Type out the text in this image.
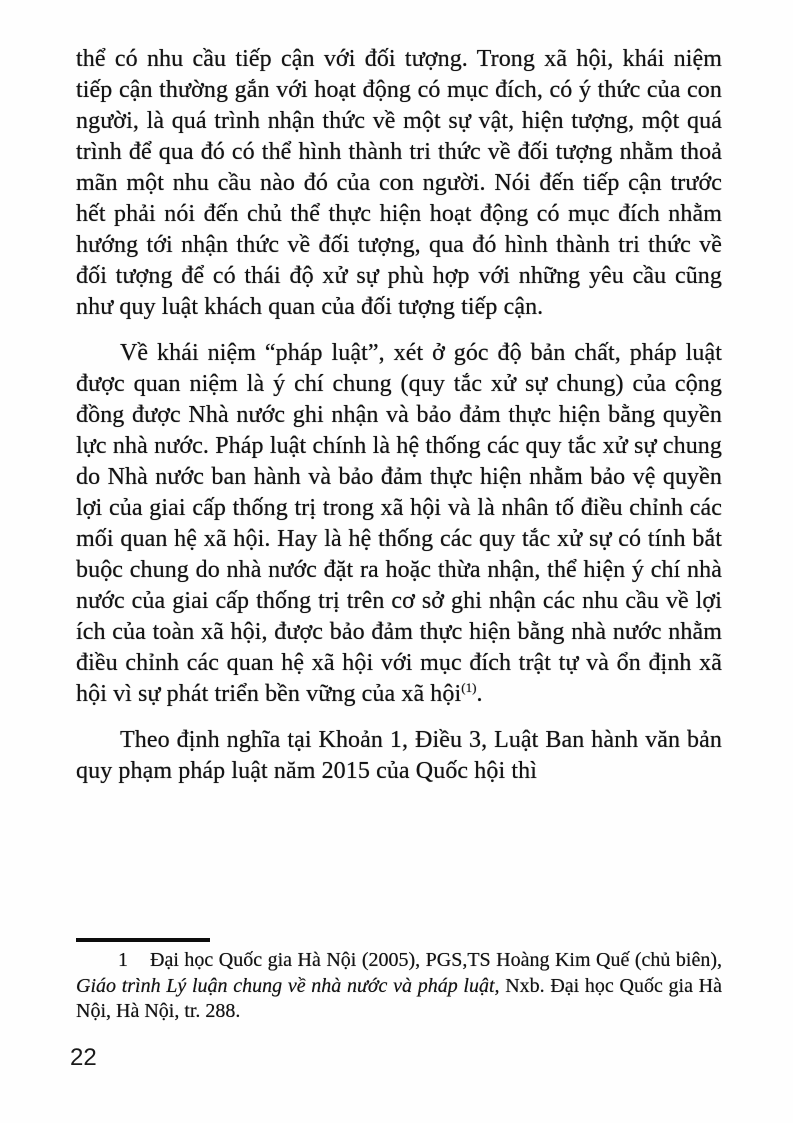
thể có nhu cầu tiếp cận với đối tượng. Trong xã hội, khái niệm tiếp cận thường gắn với hoạt động có mục đích, có ý thức của con người, là quá trình nhận thức về một sự vật, hiện tượng, một quá trình để qua đó có thể hình thành tri thức về đối tượng nhằm thoả mãn một nhu cầu nào đó của con người. Nói đến tiếp cận trước hết phải nói đến chủ thể thực hiện hoạt động có mục đích nhằm hướng tới nhận thức về đối tượng, qua đó hình thành tri thức về đối tượng để có thái độ xử sự phù hợp với những yêu cầu cũng như quy luật khách quan của đối tượng tiếp cận.

Về khái niệm “pháp luật”, xét ở góc độ bản chất, pháp luật được quan niệm là ý chí chung (quy tắc xử sự chung) của cộng đồng được Nhà nước ghi nhận và bảo đảm thực hiện bằng quyền lực nhà nước. Pháp luật chính là hệ thống các quy tắc xử sự chung do Nhà nước ban hành và bảo đảm thực hiện nhằm bảo vệ quyền lợi của giai cấp thống trị trong xã hội và là nhân tố điều chỉnh các mối quan hệ xã hội. Hay là hệ thống các quy tắc xử sự có tính bắt buộc chung do nhà nước đặt ra hoặc thừa nhận, thể hiện ý chí nhà nước của giai cấp thống trị trên cơ sở ghi nhận các nhu cầu về lợi ích của toàn xã hội, được bảo đảm thực hiện bằng nhà nước nhằm điều chỉnh các quan hệ xã hội với mục đích trật tự và ổn định xã hội vì sự phát triển bền vững của xã hội$^{(1)}$.

Theo định nghĩa tại Khoản 1, Điều 3, Luật Ban hành văn bản quy phạm pháp luật năm 2015 của Quốc hội thì

1 Đại học Quốc gia Hà Nội (2005), PGS,TS Hoàng Kim Quế (chủ biên), Giáo trình Lý luận chung về nhà nước và pháp luật, Nxb. Đại học Quốc gia Hà Nội, Hà Nội, tr. 288.

22
